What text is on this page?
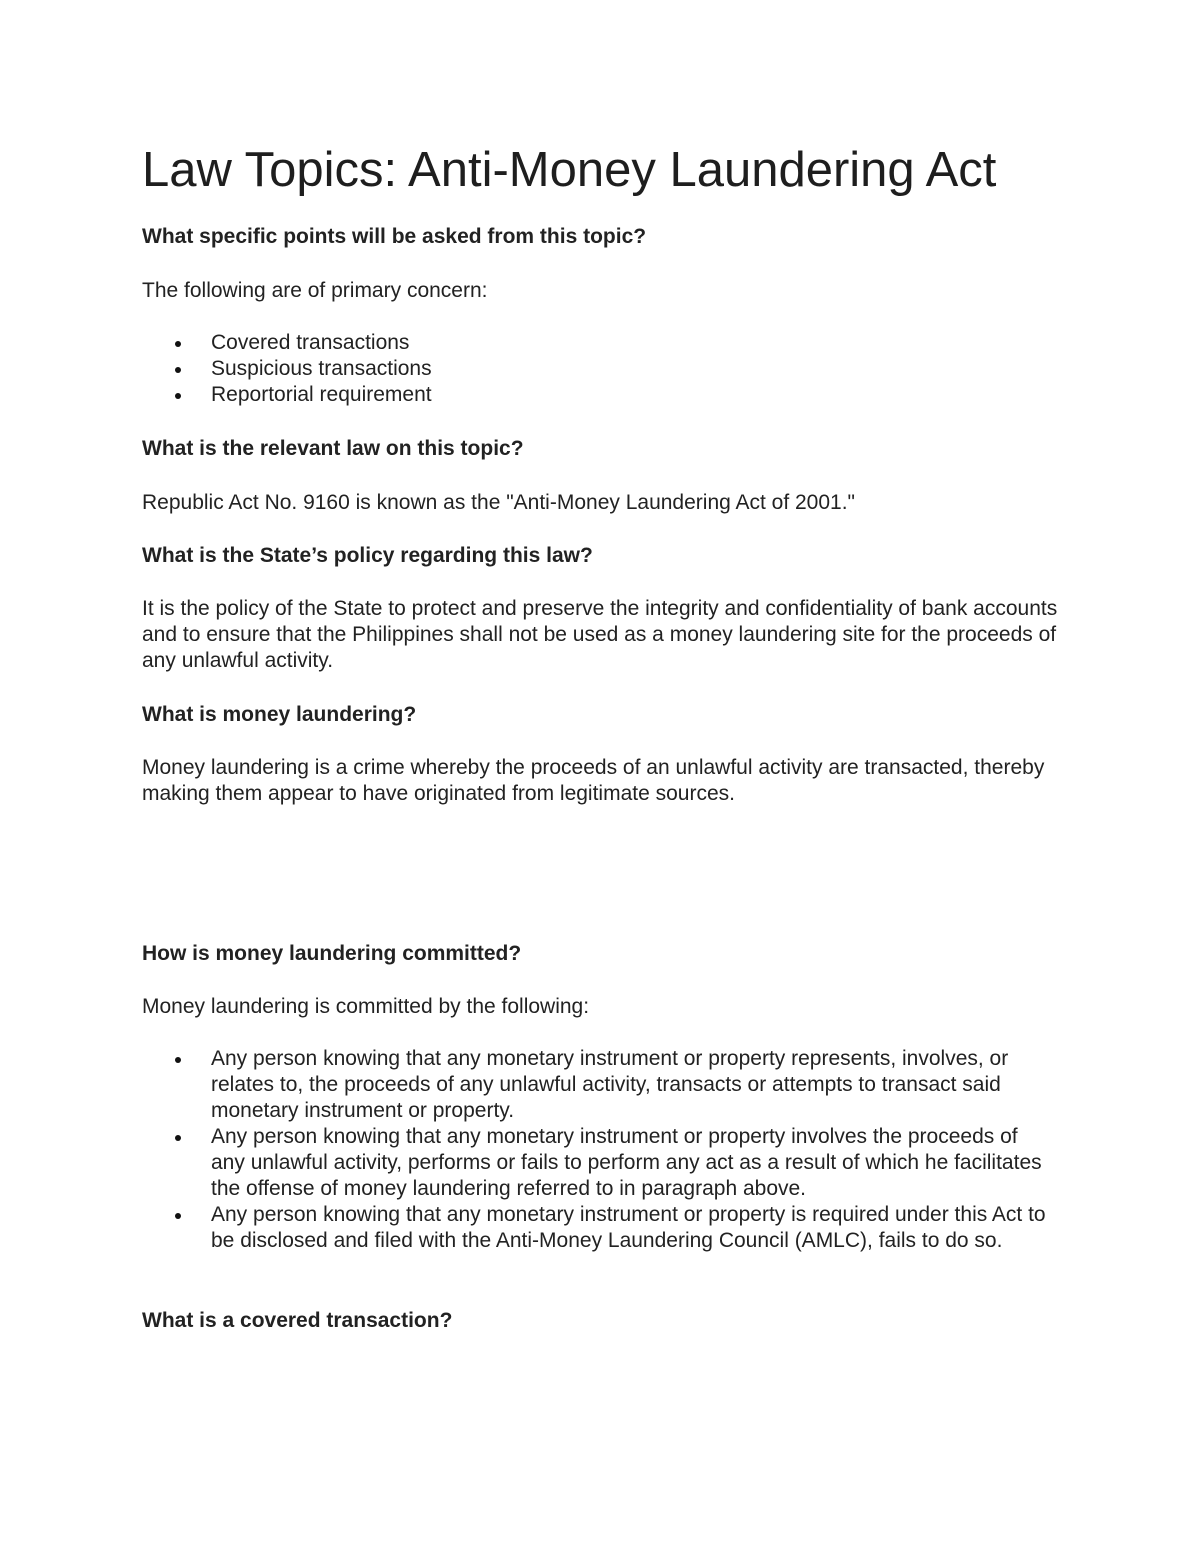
Law Topics: Anti-Money Laundering Act

What specific points will be asked from this topic?

The following are of primary concern:

Covered transactions
Suspicious transactions
Reportorial requirement

What is the relevant law on this topic?

Republic Act No. 9160 is known as the "Anti-Money Laundering Act of 2001."

What is the State’s policy regarding this law?

It is the policy of the State to protect and preserve the integrity and confidentiality of bank accounts and to ensure that the Philippines shall not be used as a money laundering site for the proceeds of any unlawful activity.

What is money laundering?

Money laundering is a crime whereby the proceeds of an unlawful activity are transacted, thereby making them appear to have originated from legitimate sources.

How is money laundering committed?

Money laundering is committed by the following:

Any person knowing that any monetary instrument or property represents, involves, or relates to, the proceeds of any unlawful activity, transacts or attempts to transact said monetary instrument or property.
Any person knowing that any monetary instrument or property involves the proceeds of any unlawful activity, performs or fails to perform any act as a result of which he facilitates the offense of money laundering referred to in paragraph above.
Any person knowing that any monetary instrument or property is required under this Act to be disclosed and filed with the Anti-Money Laundering Council (AMLC), fails to do so.

What is a covered transaction?
